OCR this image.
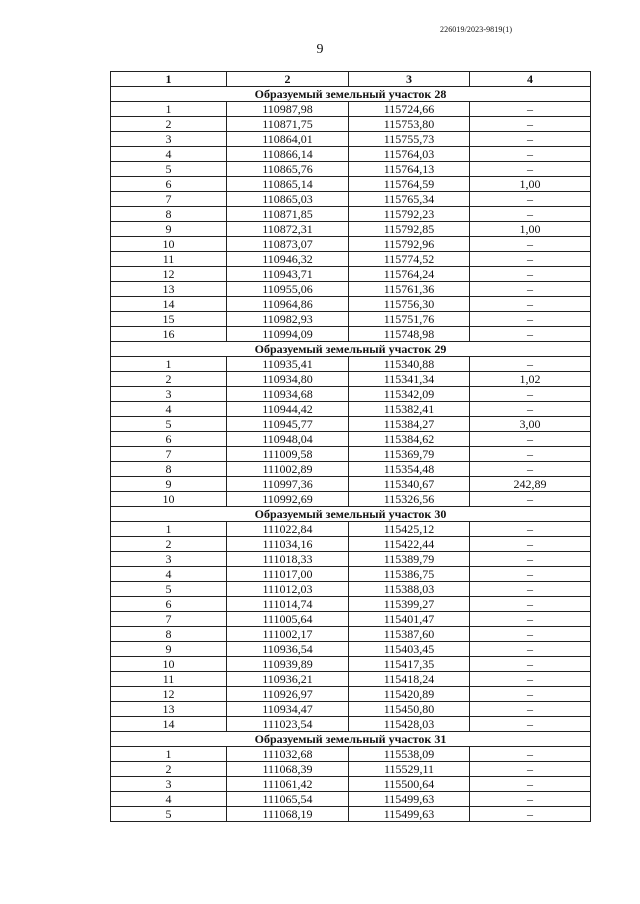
226019/2023-9819(1)
9
1	2	3	4
Образуемый земельный участок 28			
1	110987,98	115724,66	–
2	110871,75	115753,80	–
3	110864,01	115755,73	–
4	110866,14	115764,03	–
5	110865,76	115764,13	–
6	110865,14	115764,59	1,00
7	110865,03	115765,34	–
8	110871,85	115792,23	–
9	110872,31	115792,85	1,00
10	110873,07	115792,96	–
11	110946,32	115774,52	–
12	110943,71	115764,24	–
13	110955,06	115761,36	–
14	110964,86	115756,30	–
15	110982,93	115751,76	–
16	110994,09	115748,98	–
Образуемый земельный участок 29			
1	110935,41	115340,88	–
2	110934,80	115341,34	1,02
3	110934,68	115342,09	–
4	110944,42	115382,41	–
5	110945,77	115384,27	3,00
6	110948,04	115384,62	–
7	111009,58	115369,79	–
8	111002,89	115354,48	–
9	110997,36	115340,67	242,89
10	110992,69	115326,56	–
Образуемый земельный участок 30			
1	111022,84	115425,12	–
2	111034,16	115422,44	–
3	111018,33	115389,79	–
4	111017,00	115386,75	–
5	111012,03	115388,03	–
6	111014,74	115399,27	–
7	111005,64	115401,47	–
8	111002,17	115387,60	–
9	110936,54	115403,45	–
10	110939,89	115417,35	–
11	110936,21	115418,24	–
12	110926,97	115420,89	–
13	110934,47	115450,80	–
14	111023,54	115428,03	–
Образуемый земельный участок 31			
1	111032,68	115538,09	–
2	111068,39	115529,11	–
3	111061,42	115500,64	–
4	111065,54	115499,63	–
5	111068,19	115499,63	–
